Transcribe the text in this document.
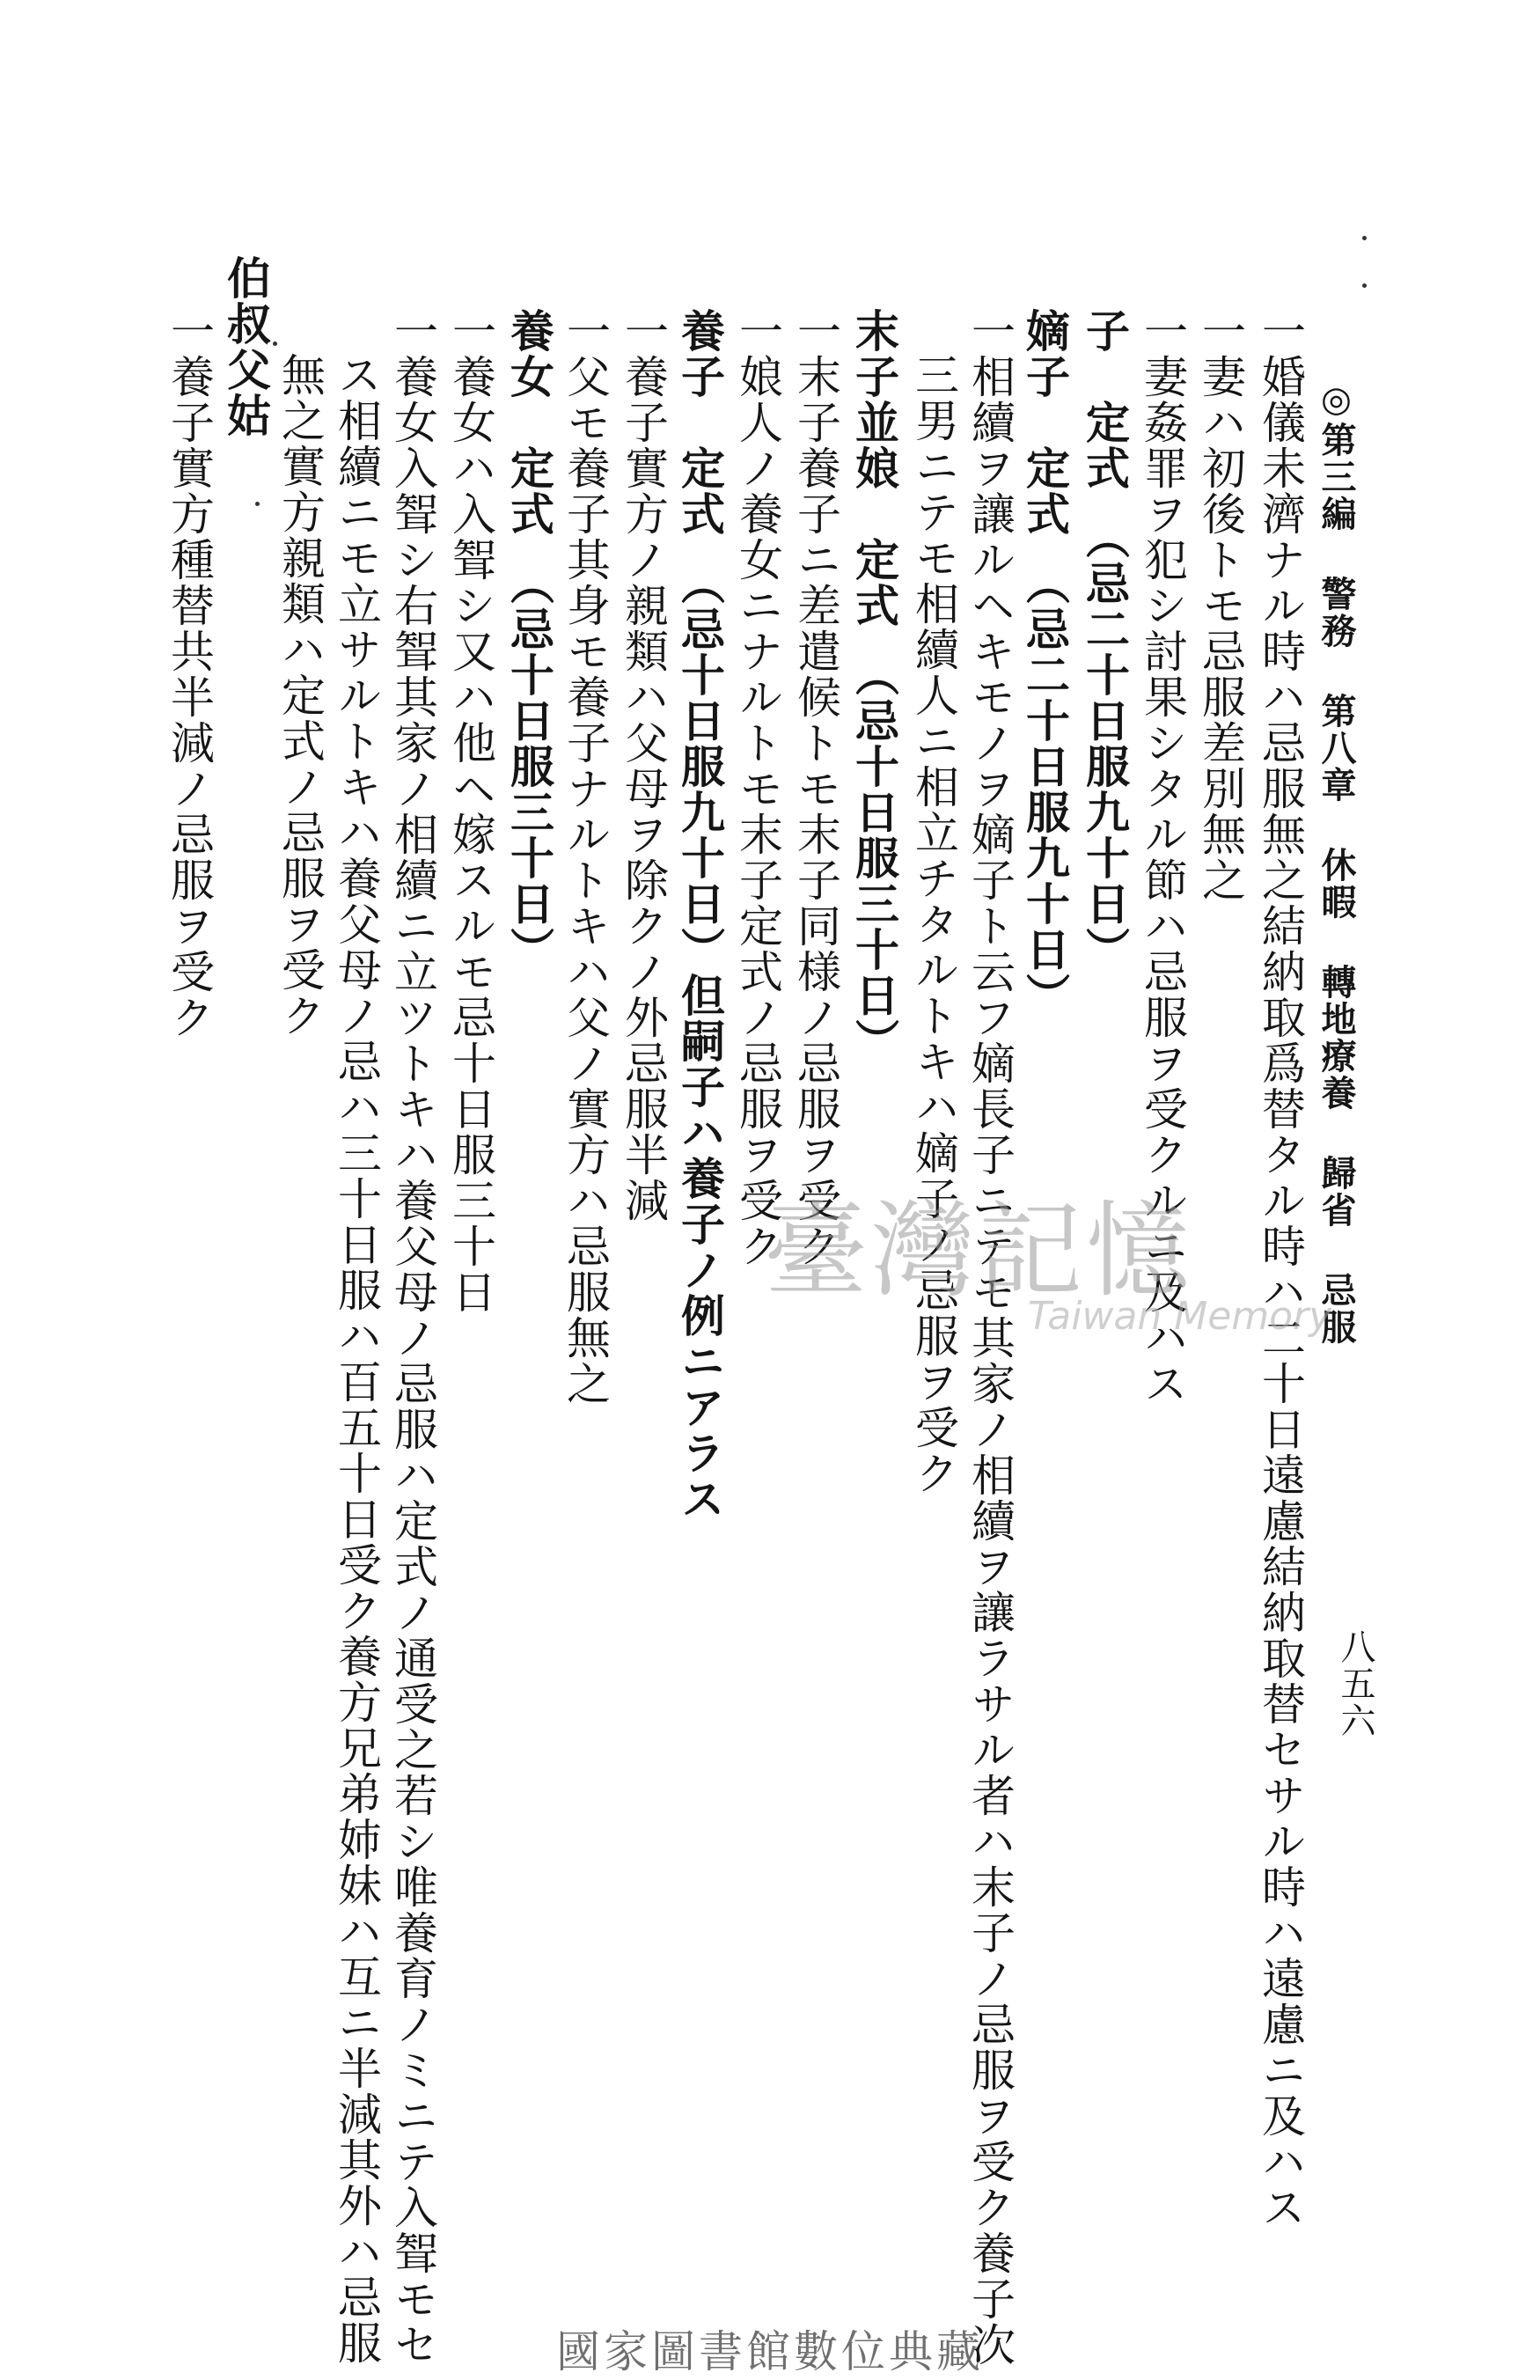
◎第三編 警務 第八章 休暇 轉地療養 歸省 忌服
八五六
一婚儀未濟ナル時ハ忌服無之結納取爲替タル時ハ二十日遠慮結納取替セサル時ハ遠慮ニ及ハス
一妻ハ初後トモ忌服差別無之
一妻姦罪ヲ犯シ討果シタル節ハ忌服ヲ受クルニ及ハス
子　定式　（忌二十日服九十日）
嫡子　定式　（忌二十日服九十日）
一相續ヲ讓ルヘキモノヲ嫡子ト云フ嫡長子ニテモ其家ノ相續ヲ讓ラサル者ハ末子ノ忌服ヲ受ク養子次
三男ニテモ相續人ニ相立チタルトキハ嫡子ノ忌服ヲ受ク
末子並娘　定式　（忌十日服三十日）
一末子養子ニ差遣候トモ末子同様ノ忌服ヲ受ク
一娘人ノ養女ニナルトモ末子定式ノ忌服ヲ受ク
養子　定式　（忌十日服九十日）但嗣子ハ養子ノ例ニアラス
一養子實方ノ親類ハ父母ヲ除クノ外忌服半減
一父モ養子其身モ養子ナルトキハ父ノ實方ハ忌服無之
養女　定式　（忌十日服三十日）
一養女ハ入聟シ又ハ他ヘ嫁スルモ忌十日服三十日
一養女入聟シ右聟其家ノ相續ニ立ツトキハ養父母ノ忌服ハ定式ノ通受之若シ唯養育ノミニテ入聟モセ
ス相續ニモ立サルトキハ養父母ノ忌ハ三十日服ハ百五十日受ク養方兄弟姉妹ハ互ニ半減其外ハ忌服
無之實方親類ハ定式ノ忌服ヲ受ク
伯叔父姑
一養子實方種替共半減ノ忌服ヲ受ク
臺灣記憶
Taiwan Memory
國家圖書館數位典藏
